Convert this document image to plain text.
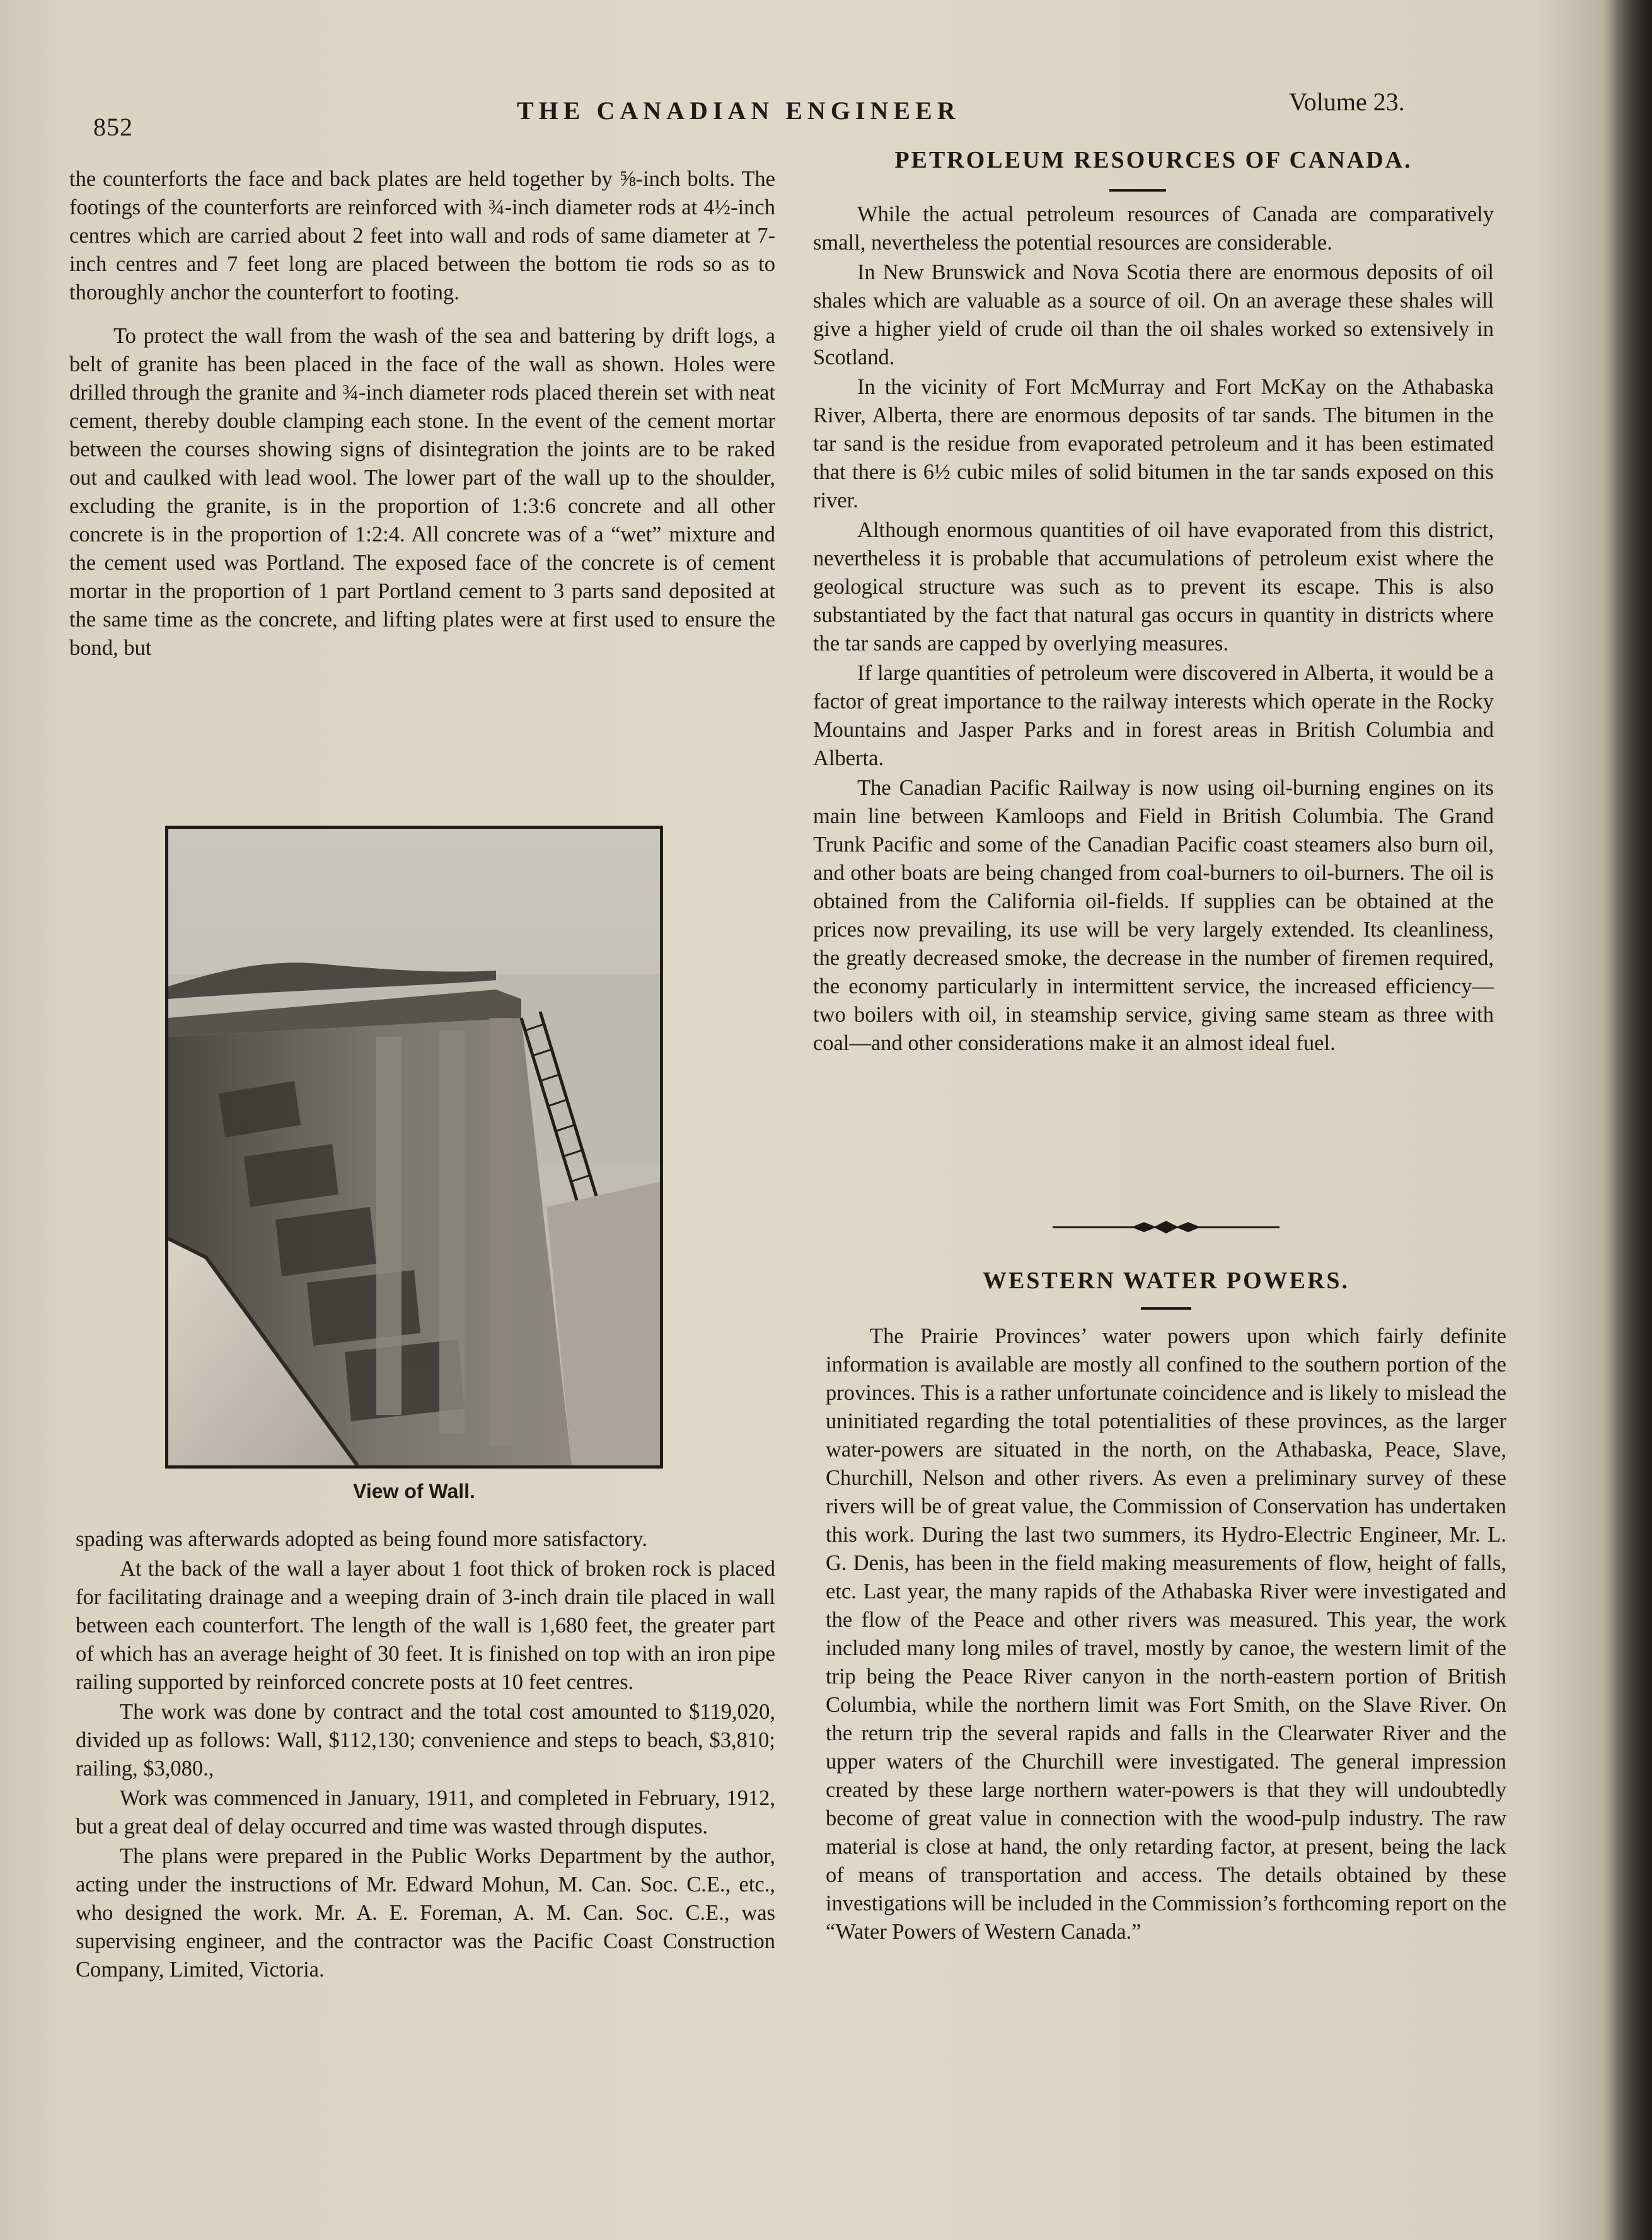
852
THE CANADIAN ENGINEER	Volume 23.

the counterforts the face and back plates are held together by ⅝-inch bolts. The footings of the counterforts are reinforced with ¾-inch diameter rods at 4½-inch centres which are carried about 2 feet into wall and rods of same diameter at 7-inch centres and 7 feet long are placed between the bottom tie rods so as to thoroughly anchor the counterfort to footing.

To protect the wall from the wash of the sea and battering by drift logs, a belt of granite has been placed in the face of the wall as shown. Holes were drilled through the granite and ¾-inch diameter rods placed therein set with neat cement, thereby double clamping each stone. In the event of the cement mortar between the courses showing signs of disintegration the joints are to be raked out and caulked with lead wool. The lower part of the wall up to the shoulder, excluding the granite, is in the proportion of 1:3:6 concrete and all other concrete is in the proportion of 1:2:4. All concrete was of a “wet” mixture and the cement used was Portland. The exposed face of the concrete is of cement mortar in the proportion of 1 part Portland cement to 3 parts sand deposited at the same time as the concrete, and lifting plates were at first used to ensure the bond, but

View of Wall.

spading was afterwards adopted as being found more satisfactory.

At the back of the wall a layer about 1 foot thick of broken rock is placed for facilitating drainage and a weeping drain of 3-inch drain tile placed in wall between each counterfort. The length of the wall is 1,680 feet, the greater part of which has an average height of 30 feet. It is finished on top with an iron pipe railing supported by reinforced concrete posts at 10 feet centres.

The work was done by contract and the total cost amounted to $119,020, divided up as follows: Wall, $112,130; convenience and steps to beach, $3,810; railing, $3,080.,

Work was commenced in January, 1911, and completed in February, 1912, but a great deal of delay occurred and time was wasted through disputes.

The plans were prepared in the Public Works Department by the author, acting under the instructions of Mr. Edward Mohun, M. Can. Soc. C.E., etc., who designed the work. Mr. A. E. Foreman, A. M. Can. Soc. C.E., was supervising engineer, and the contractor was the Pacific Coast Construction Company, Limited, Victoria.

PETROLEUM RESOURCES OF CANADA.

While the actual petroleum resources of Canada are comparatively small, nevertheless the potential resources are considerable.

In New Brunswick and Nova Scotia there are enormous deposits of oil shales which are valuable as a source of oil. On an average these shales will give a higher yield of crude oil than the oil shales worked so extensively in Scotland.

In the vicinity of Fort McMurray and Fort McKay on the Athabaska River, Alberta, there are enormous deposits of tar sands. The bitumen in the tar sand is the residue from evaporated petroleum and it has been estimated that there is 6½ cubic miles of solid bitumen in the tar sands exposed on this river.

Although enormous quantities of oil have evaporated from this district, nevertheless it is probable that accumulations of petroleum exist where the geological structure was such as to prevent its escape. This is also substantiated by the fact that natural gas occurs in quantity in districts where the tar sands are capped by overlying measures.

If large quantities of petroleum were discovered in Alberta, it would be a factor of great importance to the railway interests which operate in the Rocky Mountains and Jasper Parks and in forest areas in British Columbia and Alberta.

The Canadian Pacific Railway is now using oil-burning engines on its main line between Kamloops and Field in British Columbia. The Grand Trunk Pacific and some of the Canadian Pacific coast steamers also burn oil, and other boats are being changed from coal-burners to oil-burners. The oil is obtained from the California oil-fields. If supplies can be obtained at the prices now prevailing, its use will be very largely extended. Its cleanliness, the greatly decreased smoke, the decrease in the number of firemen required, the economy particularly in intermittent service, the increased efficiency—two boilers with oil, in steamship service, giving same steam as three with coal—and other considerations make it an almost ideal fuel.

WESTERN WATER POWERS.

The Prairie Provinces’ water powers upon which fairly definite information is available are mostly all confined to the southern portion of the provinces. This is a rather unfortunate coincidence and is likely to mislead the uninitiated regarding the total potentialities of these provinces, as the larger water-powers are situated in the north, on the Athabaska, Peace, Slave, Churchill, Nelson and other rivers. As even a preliminary survey of these rivers will be of great value, the Commission of Conservation has undertaken this work. During the last two summers, its Hydro-Electric Engineer, Mr. L. G. Denis, has been in the field making measurements of flow, height of falls, etc. Last year, the many rapids of the Athabaska River were investigated and the flow of the Peace and other rivers was measured. This year, the work included many long miles of travel, mostly by canoe, the western limit of the trip being the Peace River canyon in the north-eastern portion of British Columbia, while the northern limit was Fort Smith, on the Slave River. On the return trip the several rapids and falls in the Clearwater River and the upper waters of the Churchill were investigated. The general impression created by these large northern water-powers is that they will undoubtedly become of great value in connection with the wood-pulp industry. The raw material is close at hand, the only retarding factor, at present, being the lack of means of transportation and access. The details obtained by these investigations will be included in the Commission’s forthcoming report on the “Water Powers of Western Canada.”
